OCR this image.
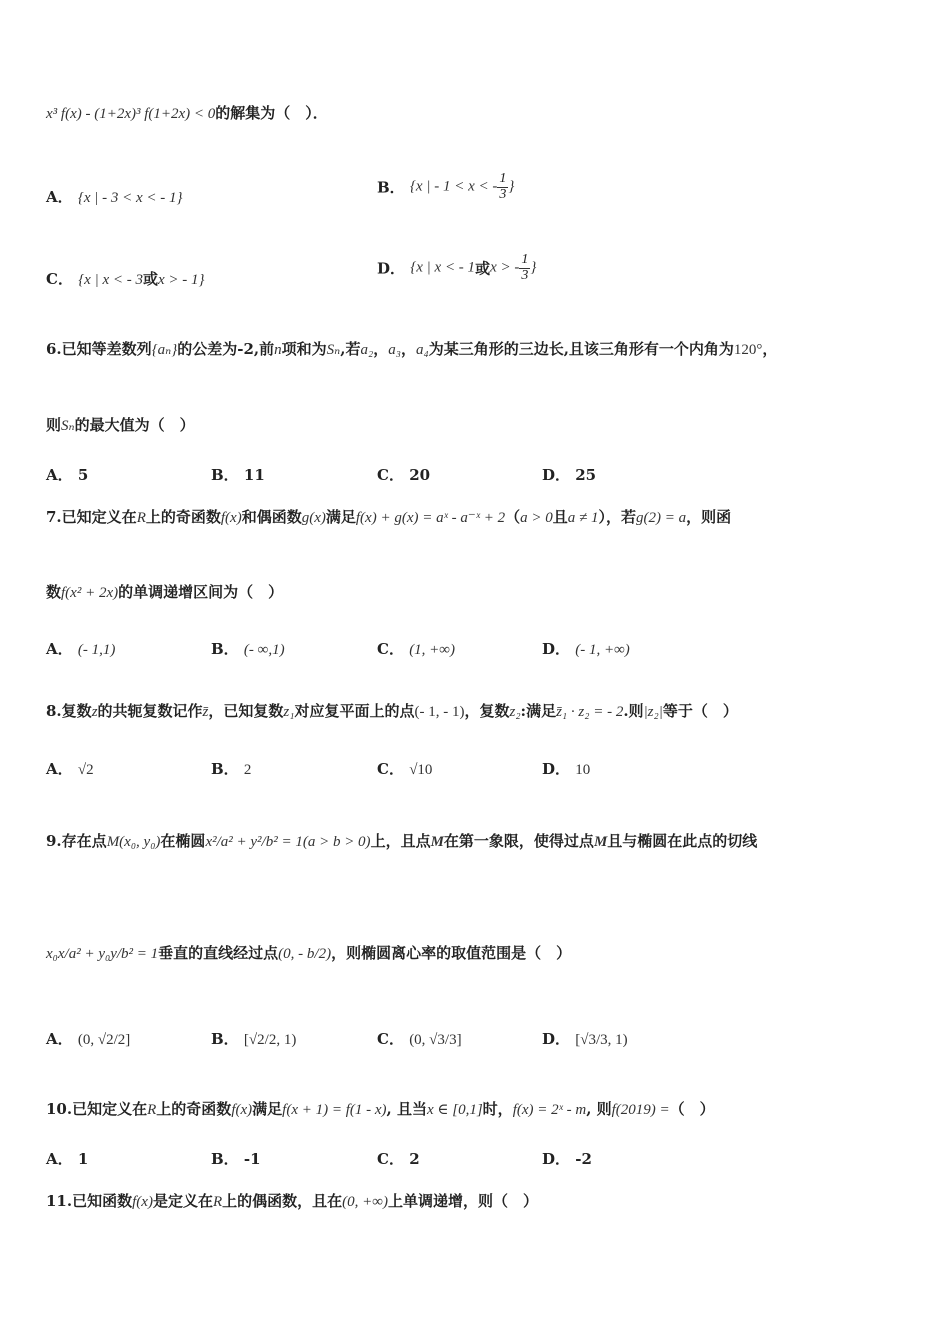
x³ f(x) - (1+2x)³ f(1+2x) < 0的解集为（　）．
A． {x | - 3 < x < - 1}
B． {x | - 1 < x < - $\frac{1}{3}$ }
C． {x | x < - 3或x > - 1}
D． {x | x < - 1或x > - $\frac{1}{3}$ }
6.已知等差数列{aₙ}的公差为-2,前n项和为Sₙ,若a₂，a₃，a₄为某三角形的三边长,且该三角形有一个内角为120°，
则Sₙ的最大值为（　）
A． 5	B． 11	C． 20	D． 25
7.已知定义在R上的奇函数f(x)和偶函数g(x)满足f(x) + g(x) = aˣ - a⁻ˣ + 2（a > 0且a ≠ 1），若g(2) = a，则函
数f(x² + 2x)的单调递增区间为（　）
A． (- 1,1)	B． (- ∞,1)	C． (1, +∞)	D． (- 1, +∞)
8.复数z的共轭复数记作z̄，已知复数z₁对应复平面上的点(- 1, - 1)，复数z₂:满足z̄₁ · z₂ = - 2.则|z₂|等于（　）
A． √2	B． 2	C． √10	D． 10
9.存在点M(x₀, y₀)在椭圆x²/a² + y²/b² = 1(a > b > 0)上，且点M在第一象限，使得过点M且与椭圆在此点的切线
x₀x/a² + y₀y/b² = 1垂直的直线经过点(0, - b/2)，则椭圆离心率的取值范围是（　）
A． (0, √2/2]	B． [√2/2, 1)	C． (0, √3/3]	D． [√3/3, 1)
10.已知定义在R上的奇函数f(x)满足f(x + 1) = f(1 - x), 且当x ∈ [0,1]时，f(x) = 2ˣ - m, 则f(2019) =（　）
A． 1	B． -1	C． 2	D． -2
11.已知函数f(x)是定义在R上的偶函数，且在(0, +∞)上单调递增，则（　）
